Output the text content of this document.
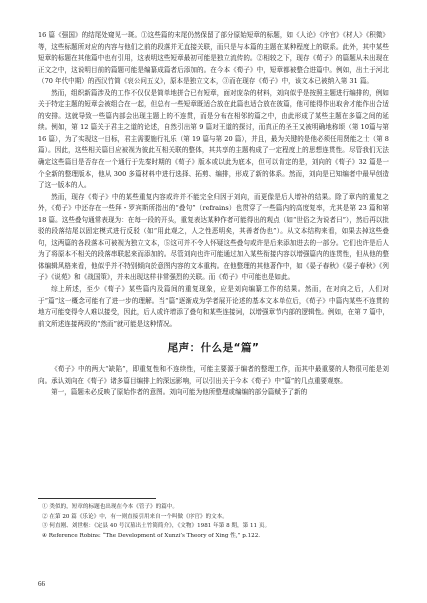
16 篇《强国》的结尾处窥见一斑。①这些篇的末尾仍然保留了部分原始短章的标题，如《人论》《序官》《材人》《积微》等，这些标题所对应的内容与他们之前的段落并无直接关联，而只是与本篇的主题在某种程度上的联系。此外，其中某些短章的标题在其他篇中也有引用，这表明这些短章最初可能是独立流传的。②相较之下，现存《荀子》的篇题从未出现在正文之中，这说明目前的篇题可能是编纂成篇者后添加的。在今本《荀子》中，短章都被整合进篇中。例如，出土于河北（70 年代中期）的西汉竹简《哀公问五义》，原本是独立文本，③而在现存《荀子》中，该文本已被纳入第 31 篇。

然而，组织新篇涉及的工作不仅仅是简单地拼合已有短章，面对庞杂的材料，刘向似乎是按照主题进行编排的，例如关于特定主题的短章会被组合在一起，但总有一些短章既适合放在此篇也适合放在彼篇，他可能得作出取舍才能作出合适的安排。这就导致一些篇内部会出现主题上的不连贯，而是分布在相邻的篇之中，由此形成了某些主题在多篇之间的延续。例如，第 12 篇关于君主之道的论述，自然引出第 9 篇对王道的探讨，而真正的圣王又被明确地称颂（第 10篇与第 16 篇），为了实现这一目标，君主需要施行礼乐（第 19 篇与第 20 篇），并且，最为关键的是他必须任用贤能之士（第 8 篇）。因此，这些相关篇目应被视为彼此互相关联的整体，其共享的主题构成了一定程度上的思想连贯性。尽管我们无法确定这些篇目是否存在一个通行于先秦时期的《荀子》版本或以此为底本，但可以肯定的是，刘向的《荀子》32 篇是一个全新的整理版本，他从 300 多篇材料中进行选择、拓剪、编排，形成了新的体系。然而，刘向是已知编者中最早创造了这一版本的人。

然而，现存《荀子》中的某些重复内容或许并不能完全归因于刘向，而更像是后人增补的结果。除了章内的重复之外，《荀子》中还存在一些拜・罗宾斯所指出的“叠句”（refrains）也贯穿了一些篇内的高度复率，尤其是第 23 篇和第 18 篇。这些叠句通常表现为：在每一段的开头，重复表达某种作者可能得出的观点（如“世俗之为说者曰”），然后再以批驳的段落结尾以固定模式进行反驳（如“用此观之，人之性恶明矣，其善者伪也”）。从文本结构来看，如果去掉这些叠句，这两篇的各段落本可被视为独立文本，⑤这可并不令人怀疑这些叠句或许是后来添加进去的一部分。它们也许是后人为了将原本不相关的段落串联起来而添加的。尽管刘向也许可能通过加入某些衔接内容以增强篇内的连贯性，但从他的整体编辑风格来看，他似乎并不特别倾向於意图内容的文本重构。在他整理的其他著作中，如《晏子春秋》《晏子春秋》《列子》《说苑》和《战国策》，并未出现这样非常强烈的关联。而《荀子》中可能也是如此。

综上所述，至少《荀子》某些篇内及篇间的重复现象，应是刘向编纂工作的结果。然而，在对向之后，人们对于“篇”这一概念可能有了进一步的理解。当“篇”逐渐成为学者展开论述的基本文本单位后，《荀子》中篇内某些不连贯的地方可能变得令人难以接受，因此，后人或许增添了叠句和某些连接词，以增强章节内部的逻辑性。例如，在第 7 篇中，前文所述连接两段的“然而”就可能是这种情况。

尾声：什么是“篇”

《荀子》中的两大“缺陷”，即重复性和不连续性，可能主要源于编者的整理工作，而其中最重要的人物很可能是刘向。承认刘向在《荀子》诸多篇目编排上的深远影响，可以引出关于今本《荀子》中“篇”的几点重要观察。

第一，篇题未必反映了原始作者的意图。刘向可能为他所整理或编编的部分篇赋予了新的

① 类似的，短章的标题也出现在今本《管子》的篇中。

② 在第 20 篇《乐论》中，有一则直接引用来自一个叫做《序官》的文本。

③ 何直刚、刘世枢：《定县 40 号汉墓出土竹简简介》，《文物》1981 年第 8 期，第 11 页。

④ Reference Robins: “The Development of Xunzi’s Theory of Xing 性,” p.122.

66
